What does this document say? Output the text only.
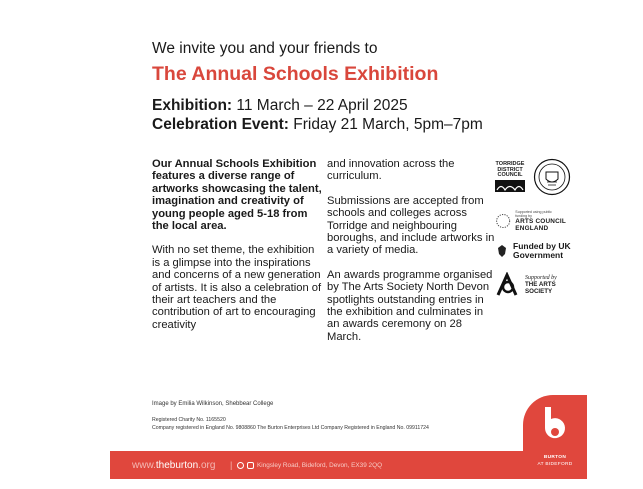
We invite you and your friends to
The Annual Schools Exhibition
Exhibition: 11 March – 22 April 2025
Celebration Event: Friday 21 March, 5pm–7pm

Our Annual Schools Exhibition features a diverse range of artworks showcasing the talent, imagination and creativity of young people aged 5-18 from the local area.

With no set theme, the exhibition is a glimpse into the inspirations and concerns of a new generation of artists. It is also a celebration of their art teachers and the contribution of art to encouraging creativity

and innovation across the curriculum.

Submissions are accepted from schools and colleges across Torridge and neighbouring boroughs, and include artworks in a variety of media.

An awards programme organised by The Arts Society North Devon spotlights outstanding entries in the exhibition and culminates in an awards ceremony on 28 March.

TORRIDGE DISTRICT COUNCIL
Supported using public funding by
ARTS COUNCIL ENGLAND
Funded by UK Government
Supported by
THE ARTS SOCIETY
Image by Emilia Wilkinson, Shebbear College
Registered Charity No. 1165520
Company registered in England No. 9808860 The Burton Enterprises Ltd Company Registered in England No. 09911724
www.theburton.org |	Kingsley Road, Bideford, Devon, EX39 2QQ
BURTON
AT BIDEFORD
